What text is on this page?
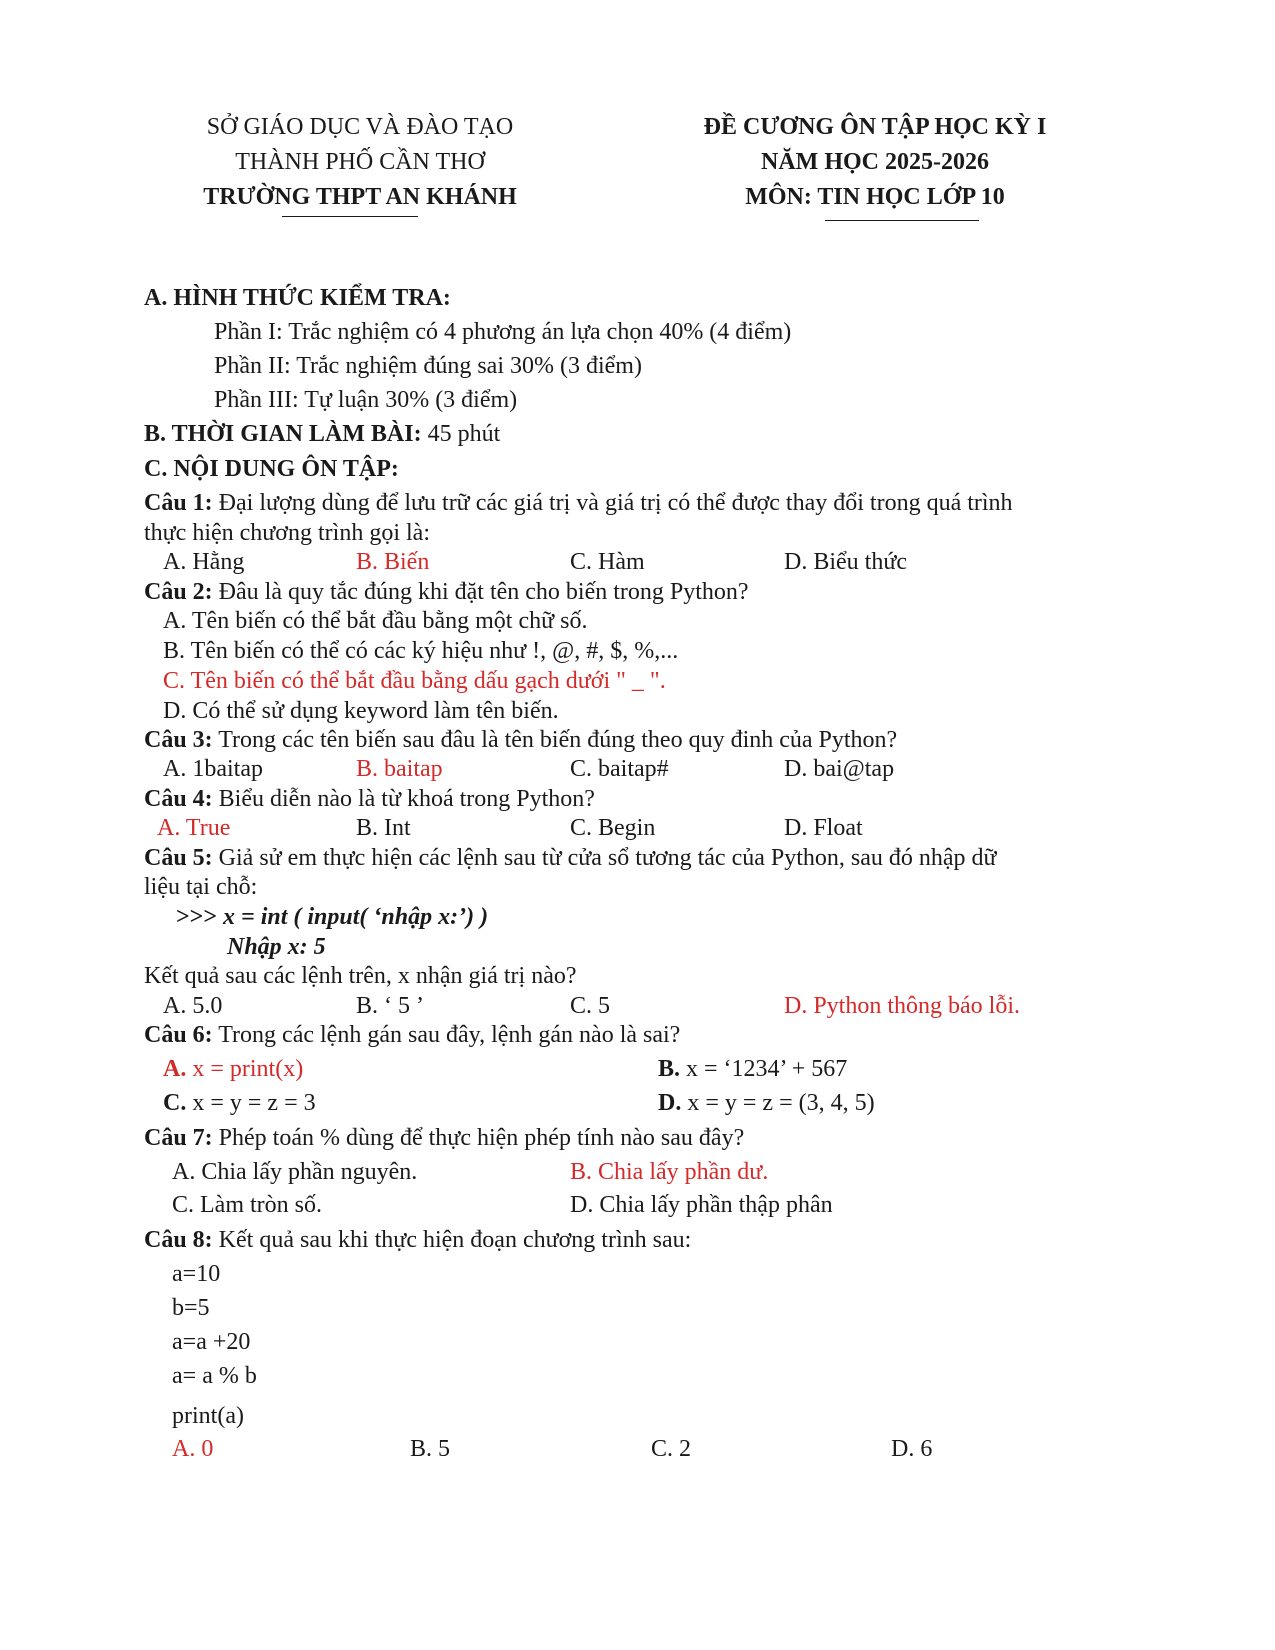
SỞ GIÁO DỤC VÀ ĐÀO TẠO
THÀNH PHỐ CẦN THƠ
TRƯỜNG THPT AN KHÁNH
ĐỀ CƯƠNG ÔN TẬP HỌC KỲ I
NĂM HỌC 2025-2026
MÔN: TIN HỌC LỚP 10
A. HÌNH THỨC KIỂM TRA:
Phần I: Trắc nghiệm có 4 phương án lựa chọn 40% (4 điểm)
Phần II: Trắc nghiệm đúng sai 30% (3 điểm)
Phần III: Tự luận 30% (3 điểm)
B. THỜI GIAN LÀM BÀI: 45 phút
C. NỘI DUNG ÔN TẬP:
Câu 1: Đại lượng dùng để lưu trữ các giá trị và giá trị có thể được thay đổi trong quá trình
thực hiện chương trình gọi là:
A. Hằng	B. Biến	C. Hàm	D. Biểu thức
Câu 2: Đâu là quy tắc đúng khi đặt tên cho biến trong Python?
A. Tên biến có thể bắt đầu bằng một chữ số.
B. Tên biến có thể có các ký hiệu như !, @, #, $, %,...
C. Tên biến có thể bắt đầu bằng dấu gạch dưới " _ ".
D. Có thể sử dụng keyword làm tên biến.
Câu 3: Trong các tên biến sau đâu là tên biến đúng theo quy đinh của Python?
A. 1baitap	B. baitap	C. baitap#	D. bai@tap
Câu 4: Biểu diễn nào là từ khoá trong Python?
A. True	B. Int	C. Begin	D. Float
Câu 5: Giả sử em thực hiện các lệnh sau từ cửa sổ tương tác của Python, sau đó nhập dữ
liệu tại chỗ:
>>> x = int ( input( ‘nhập x:’) )
Nhập x: 5
Kết quả sau các lệnh trên, x nhận giá trị nào?
A. 5.0	B. ‘ 5 ’	C. 5	D. Python thông báo lỗi.
Câu 6: Trong các lệnh gán sau đây, lệnh gán nào là sai?
A. x = print(x)	B. x = ‘1234’ + 567
C. x = y = z = 3	D. x = y = z = (3, 4, 5)
Câu 7: Phép toán % dùng để thực hiện phép tính nào sau đây?
A. Chia lấy phần nguyên.	B. Chia lấy phần dư.
C. Làm tròn số.	D. Chia lấy phần thập phân
Câu 8: Kết quả sau khi thực hiện đoạn chương trình sau:
a=10
b=5
a=a +20
a= a % b
print(a)
A. 0	B. 5	C. 2	D. 6
